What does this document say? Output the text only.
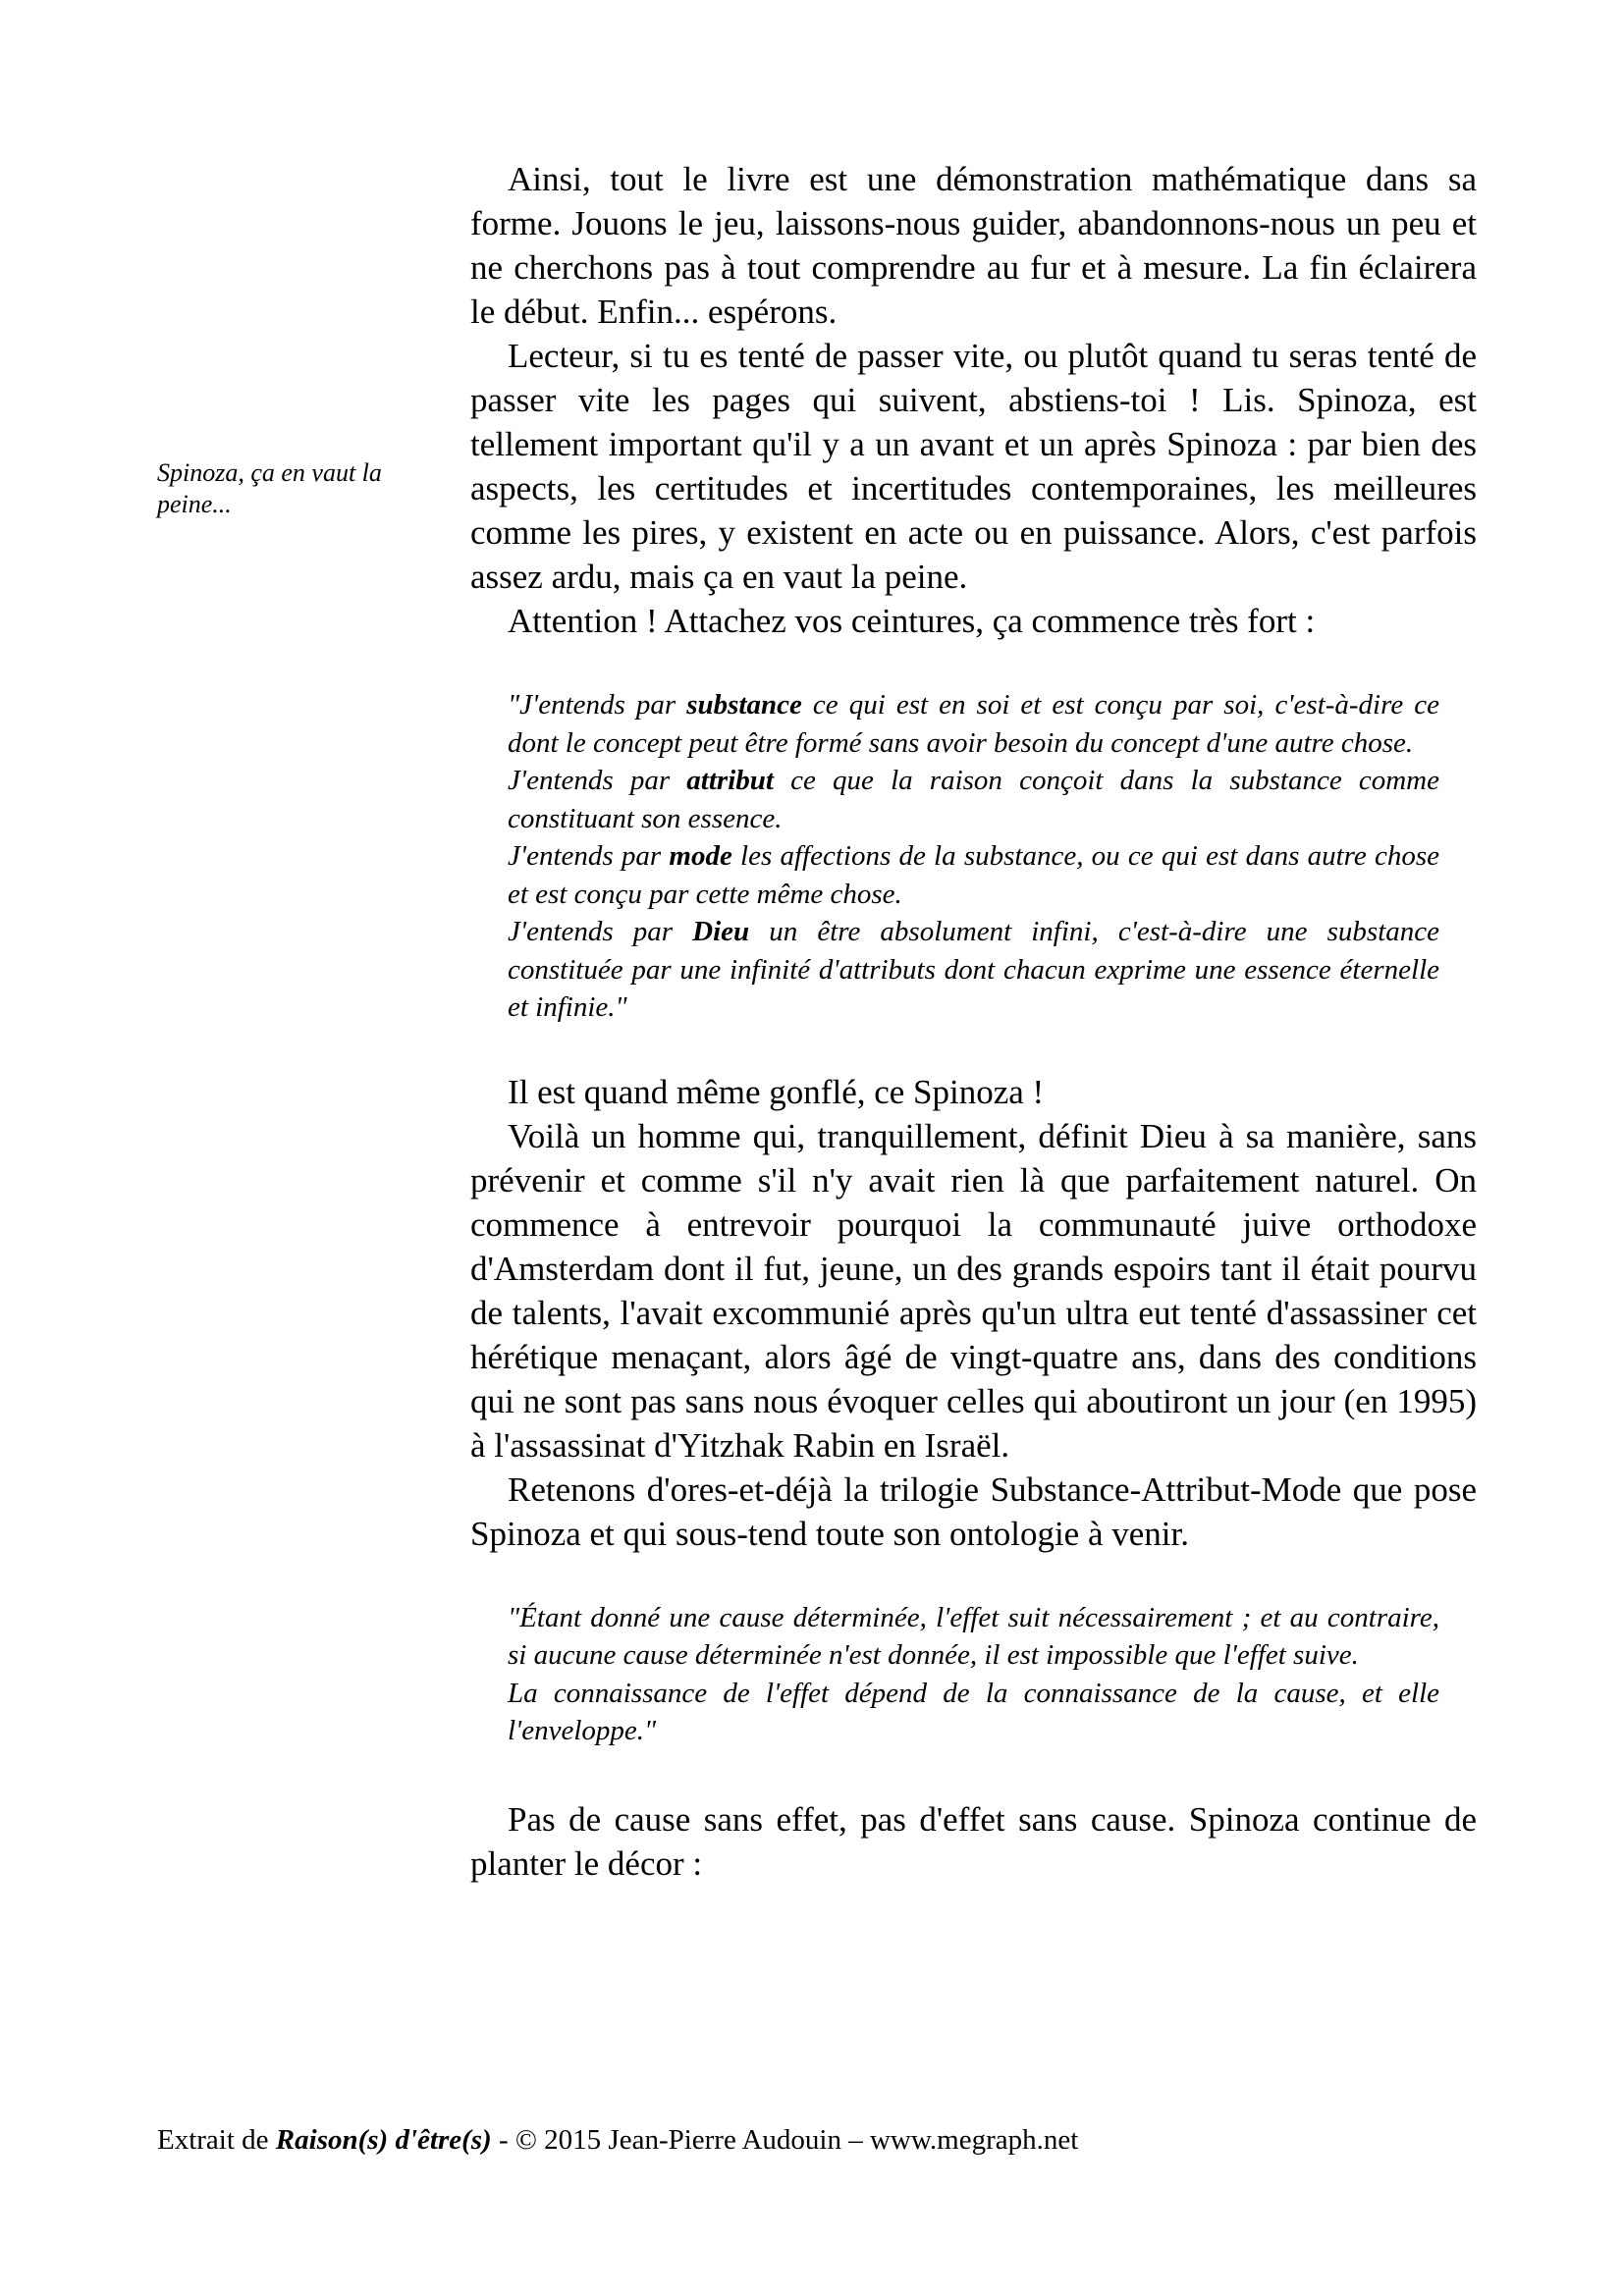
Spinoza, ça en vaut la peine...

Ainsi, tout le livre est une démonstration mathématique dans sa forme. Jouons le jeu, laissons-nous guider, abandonnons-nous un peu et ne cherchons pas à tout comprendre au fur et à mesure. La fin éclairera le début. Enfin... espérons.

Lecteur, si tu es tenté de passer vite, ou plutôt quand tu seras tenté de passer vite les pages qui suivent, abstiens-toi ! Lis. Spinoza, est tellement important qu'il y a un avant et un après Spinoza : par bien des aspects, les certitudes et incertitudes contemporaines, les meilleures comme les pires, y existent en acte ou en puissance. Alors, c'est parfois assez ardu, mais ça en vaut la peine.

Attention ! Attachez vos ceintures, ça commence très fort :

"J'entends par substance ce qui est en soi et est conçu par soi, c'est-à-dire ce dont le concept peut être formé sans avoir besoin du concept d'une autre chose.

J'entends par attribut ce que la raison conçoit dans la substance comme constituant son essence.

J'entends par mode les affections de la substance, ou ce qui est dans autre chose et est conçu par cette même chose.

J'entends par Dieu un être absolument infini, c'est-à-dire une substance constituée par une infinité d'attributs dont chacun exprime une essence éternelle et infinie."

Il est quand même gonflé, ce Spinoza !

Voilà un homme qui, tranquillement, définit Dieu à sa manière, sans prévenir et comme s'il n'y avait rien là que parfaitement naturel. On commence à entrevoir pourquoi la communauté juive orthodoxe d'Amsterdam dont il fut, jeune, un des grands espoirs tant il était pourvu de talents, l'avait excommunié après qu'un ultra eut tenté d'assassiner cet hérétique menaçant, alors âgé de vingt-quatre ans, dans des conditions qui ne sont pas sans nous évoquer celles qui aboutiront un jour (en 1995) à l'assassinat d'Yitzhak Rabin en Israël.

Retenons d'ores-et-déjà la trilogie Substance-Attribut-Mode que pose Spinoza et qui sous-tend toute son ontologie à venir.

"Étant donné une cause déterminée, l'effet suit nécessairement ; et au contraire, si aucune cause déterminée n'est donnée, il est impossible que l'effet suive.

La connaissance de l'effet dépend de la connaissance de la cause, et elle l'enveloppe."

Pas de cause sans effet, pas d'effet sans cause. Spinoza continue de planter le décor :

Extrait de Raison(s) d'être(s) - © 2015 Jean-Pierre Audouin – www.megraph.net
